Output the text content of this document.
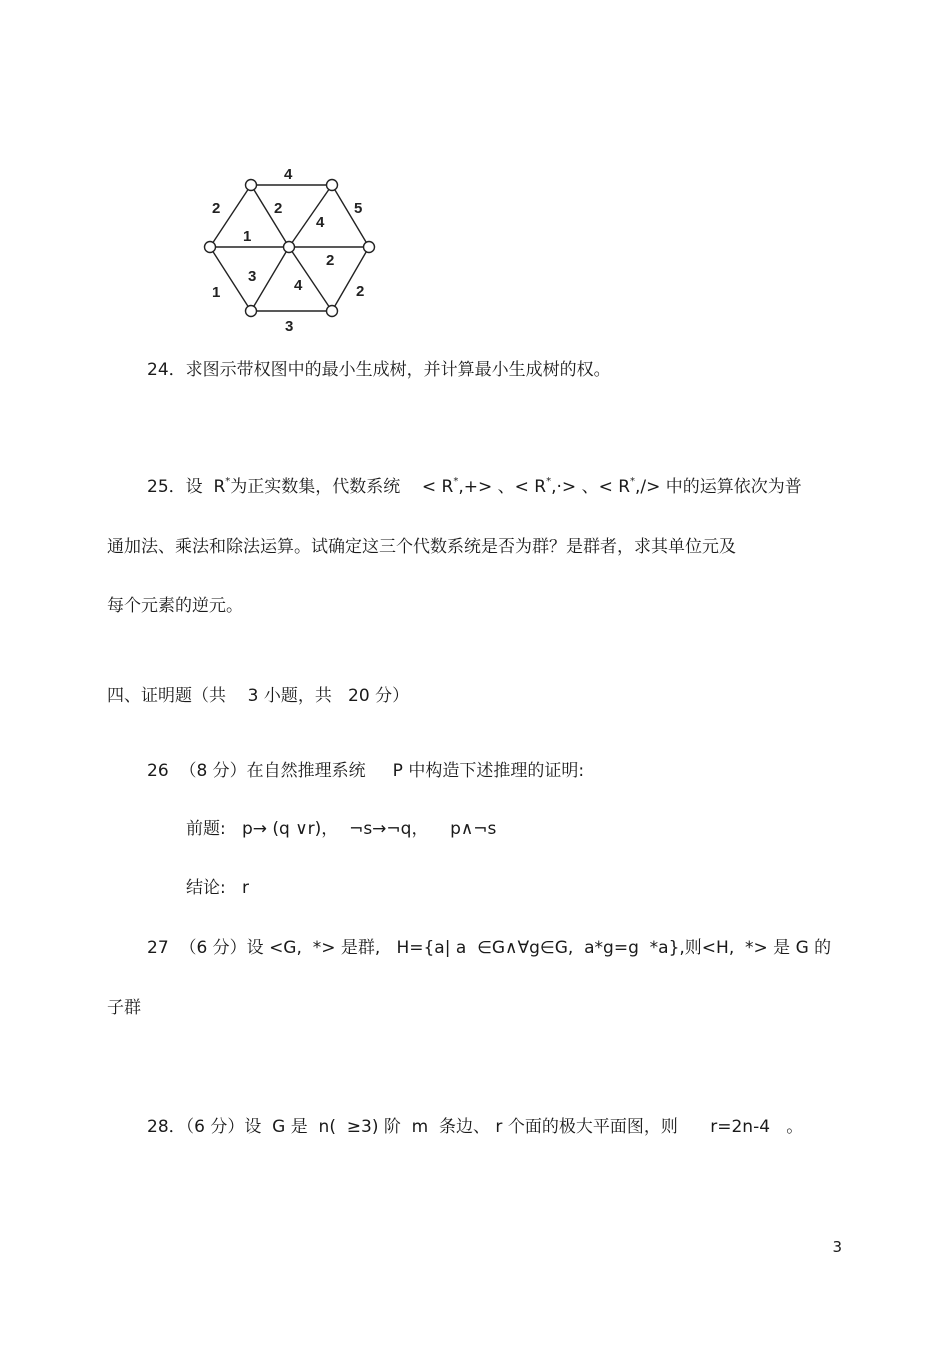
4
2	2
4
5
1
2
3
4	2
1
3
24．求图示带权图中的最小生成树，并计算最小生成树的权。
25．设  R*为正实数集，代数系统    < R*,+> 、< R*,·> 、< R*,/> 中的运算依次为普
通加法、乘法和除法运算。试确定这三个代数系统是否为群？是群者，求其单位元及
每个元素的逆元。
四、证明题（共    3 小题，共   20 分）
26  （8 分）在自然推理系统     P 中构造下述推理的证明:
前题:   p→ (q ∨r)，  ¬s→¬q，    p∧¬s
结论:   r
27  （6 分）设 <G,  *> 是群,   H={a| a  ∈G∧∀g∈G,  a*g=g  *a},则<H,  *> 是 G 的
子群
28．（6 分）设  G 是  n(  ≥3) 阶  m  条边、 r 个面的极大平面图，则      r=2n-4   。
3
